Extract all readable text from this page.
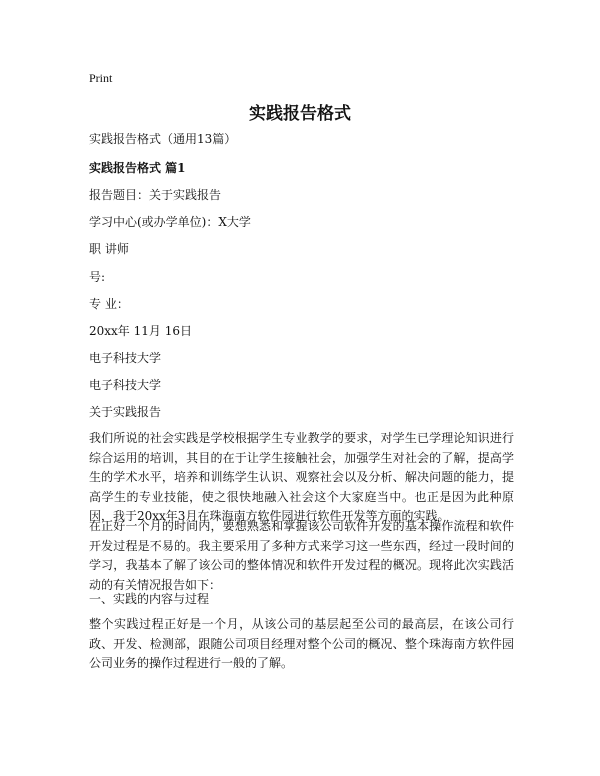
Print
实践报告格式
实践报告格式（通用13篇）
实践报告格式 篇1
报告题目：关于实践报告
学习中心(或办学单位)：X大学
职 讲师
号:
专 业：
20xx年 11月 16日
电子科技大学
电子科技大学
关于实践报告
我们所说的社会实践是学校根据学生专业教学的要求，对学生已学理论知识进行综合运用的培训，其目的在于让学生接触社会，加强学生对社会的了解，提高学生的学术水平，培养和训练学生认识、观察社会以及分析、解决问题的能力，提高学生的专业技能，使之很快地融入社会这个大家庭当中。也正是因为此种原因，我于20xx年3月在珠海南方软件园进行软件开发等方面的实践。
在正好一个月的时间内，要想熟悉和掌握该公司软件开发的基本操作流程和软件开发过程是不易的。我主要采用了多种方式来学习这一些东西，经过一段时间的学习，我基本了解了该公司的整体情况和软件开发过程的概况。现将此次实践活动的有关情况报告如下：
一、实践的内容与过程
整个实践过程正好是一个月，从该公司的基层起至公司的最高层，在该公司行政、开发、检测部，跟随公司项目经理对整个公司的概况、整个珠海南方软件园公司业务的操作过程进行一般的了解。
